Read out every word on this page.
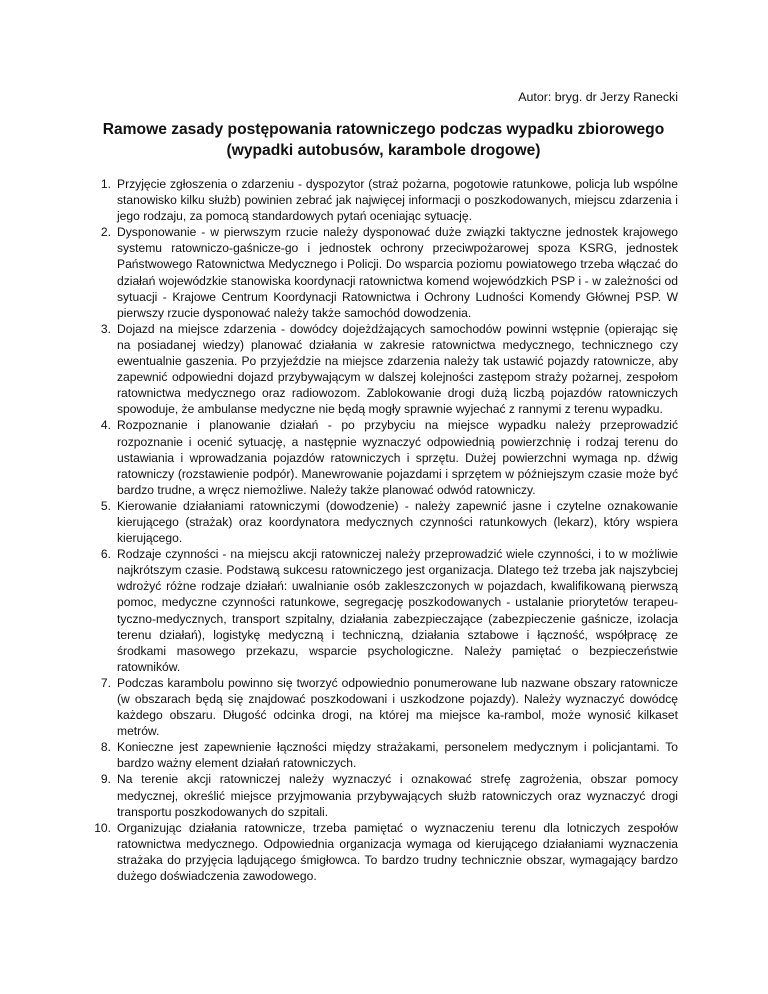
Autor: bryg. dr Jerzy Ranecki
Ramowe zasady postępowania ratowniczego podczas wypadku zbiorowego
(wypadki autobusów, karambole drogowe)
1. Przyjęcie zgłoszenia o zdarzeniu - dyspozytor (straż pożarna, pogotowie ratunkowe, policja lub wspólne stanowisko kilku służb) powinien zebrać jak najwięcej informacji o poszkodowanych, miejscu zdarzenia i jego rodzaju, za pomocą standardowych pytań oceniając sytuację.
2. Dysponowanie - w pierwszym rzucie należy dysponować duże związki taktyczne jednostek krajowego systemu ratowniczo-gaśnicze-go i jednostek ochrony przeciwpożarowej spoza KSRG, jednostek Państwowego Ratownictwa Medycznego i Policji. Do wsparcia poziomu powiatowego trzeba włączać do działań wojewódzkie stanowiska koordynacji ratownictwa komend wojewódzkich PSP i - w zależności od sytuacji - Krajowe Centrum Koordynacji Ratownictwa i Ochrony Ludności Komendy Głównej PSP. W pierwszy rzucie dysponować należy także samochód dowodzenia.
3. Dojazd na miejsce zdarzenia - dowódcy dojeżdżających samochodów powinni wstępnie (opierając się na posiadanej wiedzy) planować działania w zakresie ratownictwa medycznego, technicznego czy ewentualnie gaszenia. Po przyjeździe na miejsce zdarzenia należy tak ustawić pojazdy ratownicze, aby zapewnić odpowiedni dojazd przybywającym w dalszej kolejności zastępom straży pożarnej, zespołom ratownictwa medycznego oraz radiowozom. Zablokowanie drogi dużą liczbą pojazdów ratowniczych spowoduje, że ambulanse medyczne nie będą mogły sprawnie wyjechać z rannymi z terenu wypadku.
4. Rozpoznanie i planowanie działań - po przybyciu na miejsce wypadku należy przeprowadzić rozpoznanie i ocenić sytuację, a następnie wyznaczyć odpowiednią powierzchnię i rodzaj terenu do ustawiania i wprowadzania pojazdów ratowniczych i sprzętu. Dużej powierzchni wymaga np. dźwig ratowniczy (rozstawienie podpór). Manewrowanie pojazdami i sprzętem w późniejszym czasie może być bardzo trudne, a wręcz niemożliwe. Należy także planować odwód ratowniczy.
5. Kierowanie działaniami ratowniczymi (dowodzenie) - należy zapewnić jasne i czytelne oznakowanie kierującego (strażak) oraz koordynatora medycznych czynności ratunkowych (lekarz), który wspiera kierującego.
6. Rodzaje czynności - na miejscu akcji ratowniczej należy przeprowadzić wiele czynności, i to w możliwie najkrótszym czasie. Podstawą sukcesu ratowniczego jest organizacja. Dlatego też trzeba jak najszybciej wdrożyć różne rodzaje działań: uwalnianie osób zakleszczonych w pojazdach, kwalifikowaną pierwszą pomoc, medyczne czynności ratunkowe, segregację poszkodowanych - ustalanie priorytetów terapeu-tyczno-medycznych, transport szpitalny, działania zabezpieczające (zabezpieczenie gaśnicze, izolacja terenu działań), logistykę medyczną i techniczną, działania sztabowe i łączność, współpracę ze środkami masowego przekazu, wsparcie psychologiczne. Należy pamiętać o bezpieczeństwie ratowników.
7. Podczas karambolu powinno się tworzyć odpowiednio ponumerowane lub nazwane obszary ratownicze (w obszarach będą się znajdować poszkodowani i uszkodzone pojazdy). Należy wyznaczyć dowódcę każdego obszaru. Długość odcinka drogi, na której ma miejsce ka-rambol, może wynosić kilkaset metrów.
8. Konieczne jest zapewnienie łączności między strażakami, personelem medycznym i policjantami. To bardzo ważny element działań ratowniczych.
9. Na terenie akcji ratowniczej należy wyznaczyć i oznakować strefę zagrożenia, obszar pomocy medycznej, określić miejsce przyjmowania przybywających służb ratowniczych oraz wyznaczyć drogi transportu poszkodowanych do szpitali.
10. Organizując działania ratownicze, trzeba pamiętać o wyznaczeniu terenu dla lotniczych zespołów ratownictwa medycznego. Odpowiednia organizacja wymaga od kierującego działaniami wyznaczenia strażaka do przyjęcia lądującego śmigłowca. To bardzo trudny technicznie obszar, wymagający bardzo dużego doświadczenia zawodowego.
